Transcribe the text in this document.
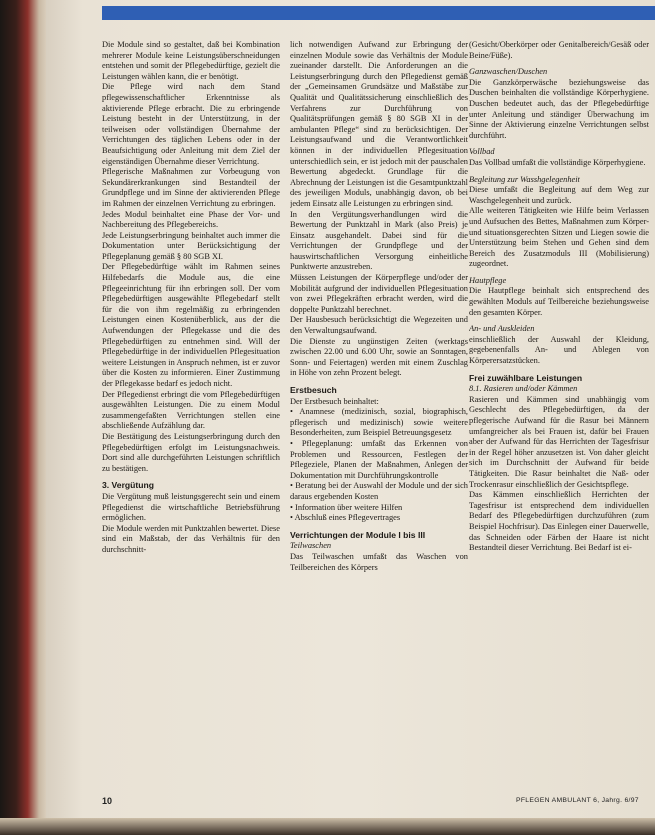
Die Module sind so gestaltet, daß bei Kombination mehrerer Module keine Leistungsüberschneidungen entstehen und somit der Pflegebedürftige, gezielt die Leistungen wählen kann, die er benötigt.

Die Pflege wird nach dem Stand pflegewissenschaftlicher Erkenntnisse als aktivierende Pflege erbracht. Die zu erbringende Leistung besteht in der Unterstützung, in der teilweisen oder vollständigen Übernahme der Verrichtungen des täglichen Lebens oder in der Beaufsichtigung oder Anleitung mit dem Ziel der eigenständigen Übernahme dieser Verrichtung.

Pflegerische Maßnahmen zur Vorbeugung von Sekundärerkrankungen sind Bestandteil der Grundpflege und im Sinne der aktivierenden Pflege im Rahmen der einzelnen Verrichtung zu erbringen.

Jedes Modul beinhaltet eine Phase der Vor- und Nachbereitung des Pflegebereichs.

Jede Leistungserbringung beinhaltet auch immer die Dokumentation unter Berücksichtigung der Pflegeplanung gemäß § 80 SGB XI.

Der Pflegebedürftige wählt im Rahmen seines Hilfebedarfs die Module aus, die eine Pflegeeinrichtung für ihn erbringen soll. Der vom Pflegebedürftigen ausgewählte Pflegebedarf stellt für die von ihm regelmäßig zu erbringenden Leistungen einen Kostenüberblick, aus der die Aufwendungen der Pflegekasse und die des Pflegebedürftigen zu entnehmen sind. Will der Pflegebedürftige in der individuellen Pflegesituation weitere Leistungen in Anspruch nehmen, ist er zuvor über die Kosten zu informieren. Einer Zustimmung der Pflegekasse bedarf es jedoch nicht.

Der Pflegedienst erbringt die vom Pflegebedürftigen ausgewählten Leistungen. Die zu einem Modul zusammengefaßten Verrichtungen stellen eine abschließende Aufzählung dar.

Die Bestätigung des Leistungserbringung durch den Pflegebedürftigen erfolgt im Leistungsnachweis. Dort sind alle durchgeführten Leistungen schriftlich zu bestätigen.

3. Vergütung

Die Vergütung muß leistungsgerecht sein und einem Pflegedienst die wirtschaftliche Betriebsführung ermöglichen.

Die Module werden mit Punktzahlen bewertet. Diese sind ein Maßstab, der das Verhältnis für den durchschnitt-

lich notwendigen Aufwand zur Erbringung der einzelnen Module sowie das Verhältnis der Module zueinander darstellt. Die Anforderungen an die Leistungserbringung durch den Pflegedienst gemäß der „Gemeinsamen Grundsätze und Maßstäbe zur Qualität und Qualitätssicherung einschließlich des Verfahrens zur Durchführung von Qualitätsprüfungen gemäß § 80 SGB XI in der ambulanten Pflege“ sind zu berücksichtigen. Der Leistungsaufwand und die Verantwortlichkeit können in der individuellen Pflegesituation unterschiedlich sein, er ist jedoch mit der pauschalen Bewertung abgedeckt. Grundlage für die Abrechnung der Leistungen ist die Gesamtpunktzahl des jeweiligen Moduls, unabhängig davon, ob bei jedem Einsatz alle Leistungen zu erbringen sind.

In den Vergütungsverhandlungen wird die Bewertung der Punktzahl in Mark (also Preis) je Einsatz ausgehandelt. Dabei sind für die Verrichtungen der Grundpflege und der hauswirtschaftlichen Versorgung einheitliche Punktwerte anzustreben.

Müssen Leistungen der Körperpflege und/oder der Mobilität aufgrund der individuellen Pflegesituation von zwei Pflegekräften erbracht werden, wird die doppelte Punktzahl berechnet.

Der Hausbesuch berücksichtigt die Wegezeiten und den Verwaltungsaufwand.

Die Dienste zu ungünstigen Zeiten (werktags zwischen 22.00 und 6.00 Uhr, sowie an Sonntagen, Sonn- und Feiertagen) werden mit einem Zuschlag in Höhe von zehn Prozent belegt.

Erstbesuch

Der Erstbesuch beinhaltet:

• Anamnese (medizinisch, sozial, biographisch, pflegerisch und medizinisch) sowie weitere Besonderheiten, zum Beispiel Betreuungsgesetz

• Pflegeplanung: umfaßt das Erkennen von Problemen und Ressourcen, Festlegen der Pflegeziele, Planen der Maßnahmen, Anlegen der Dokumentation mit Durchführungskontrolle

• Beratung bei der Auswahl der Module und der sich daraus ergebenden Kosten

• Information über weitere Hilfen

• Abschluß eines Pflegevertrages

Verrichtungen der Module I bis III

Teilwaschen

Das Teilwaschen umfaßt das Waschen von Teilbereichen des Körpers

(Gesicht/Oberkörper oder Genitalbereich/Gesäß oder Beine/Füße).

Ganzwaschen/Duschen

Die Ganzkörperwäsche beziehungsweise das Duschen beinhalten die vollständige Körperhygiene. Duschen bedeutet auch, das der Pflegebedürftige unter Anleitung und ständiger Überwachung im Sinne der Aktivierung einzelne Verrichtungen selbst durchführt.

Vollbad

Das Vollbad umfaßt die vollständige Körperhygiene.

Begleitung zur Wasshgelegenheit

Diese umfaßt die Begleitung auf dem Weg zur Waschgelegenheit und zurück.

Alle weiteren Tätigkeiten wie Hilfe beim Verlassen und Aufsuchen des Bettes, Maßnahmen zum Körper- und situationsgerechten Sitzen und Liegen sowie die Unterstützung beim Stehen und Gehen sind dem Bereich des Zusatzmoduls III (Mobilisierung) zugeordnet.

Hautpflege

Die Hautpflege beinhalt sich entsprechend des gewählten Moduls auf Teilbereiche beziehungsweise den gesamten Körper.

An- und Auskleiden

einschließlich der Auswahl der Kleidung, gegebenenfalls An- und Ablegen von Körperersatzstücken.

Frei zuwählbare Leistungen

8.1. Rasieren und/oder Kämmen

Rasieren und Kämmen sind unabhängig vom Geschlecht des Pflegebedürftigen, da der pflegerische Aufwand für die Rasur bei Männern umfangreicher als bei Frauen ist, dafür bei Frauen aber der Aufwand für das Herrichten der Tagesfrisur in der Regel höher anzusetzen ist. Von daher gleicht sich im Durchschnitt der Aufwand für beide Tätigkeiten. Die Rasur beinhaltet die Naß- oder Trockenrasur einschließlich der Gesichtspflege.

Das Kämmen einschließlich Herrichten der Tagesfrisur ist entsprechend dem individuellen Bedarf des Pflegebedürftigen durchzuführen (zum Beispiel Hochfrisur). Das Einlegen einer Dauerwelle, das Schneiden oder Färben der Haare ist nicht Bestandteil dieser Verrichtung. Bei Bedarf ist ei-

10	PFLEGEN AMBULANT 6, Jahrg. 6/97
